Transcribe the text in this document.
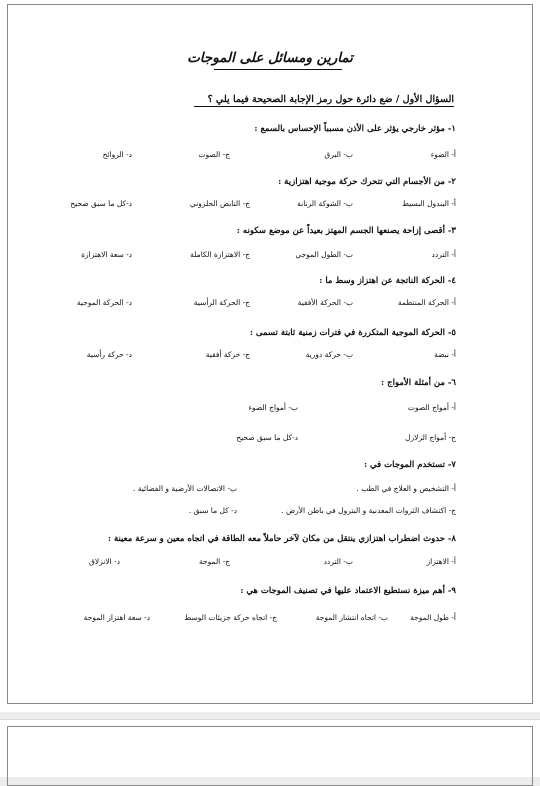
تمارين ومسائل على الموجات
السؤال الأول / ضع دائرة حول رمز الإجابة الصحيحة فيما يلي ؟
١- مؤثر خارجي يؤثر على الأذن مسبباً الإحساس بالسمع :
أ- الضوء
ب- البرق
ج- الصوت
د- الروائح
٢- من الأجسام التي تتحرك حركة موجية اهتزازية :
أ- البندول البسيط
ب- الشوكة الرنانة
ج- النابض الحلزوني
د-كل ما سبق صحيح
٣- أقصى إزاحة يصنعها الجسم المهتز بعيداً عن موضع سكونه :
أ- التردد
ب- الطول الموجي
ج- الاهتزازة الكاملة
د- سعة الاهتزازة
٤- الحركة الناتجة عن اهتزاز وسط ما :
أ- الحركة المنتظمة
ب- الحركة الأفقية
ج- الحركة الرأسية
د- الحركة الموجية
٥- الحركة الموجية المتكررة في فترات زمنية ثابتة تسمى :
أ- نبضة
ب- حركة دورية
ج- حركة أفقية
د- حركة رأسية
٦- من أمثلة الأمواج :
أ- أمواج الصوت
ب- أمواج الضوء
ج- أمواج الزلازل
د-كل ما سبق صحيح
٧- تستخدم الموجات في :
أ- التشخيص و العلاج في الطب .
ب- الاتصالات الأرضية و الفضائية .
ج- اكتشاف الثروات المعدنية و البترول في باطن الأرض .
د- كل ما سبق .
٨- حدوث اضطراب اهتزازي ينتقل من مكان لآخر حاملاً معه الطاقة في اتجاه معين و سرعة معينة :
أ- الاهتزاز
ب- التردد
ج- الموجة
د- الانزلاق
٩- أهم ميزة نستطيع الاعتماد عليها في تصنيف الموجات هي :
أ- طول الموجة
ب- اتجاه انتشار الموجة
ج- اتجاه حركة جزيئات الوسط
د- سعة اهتزاز الموجة
